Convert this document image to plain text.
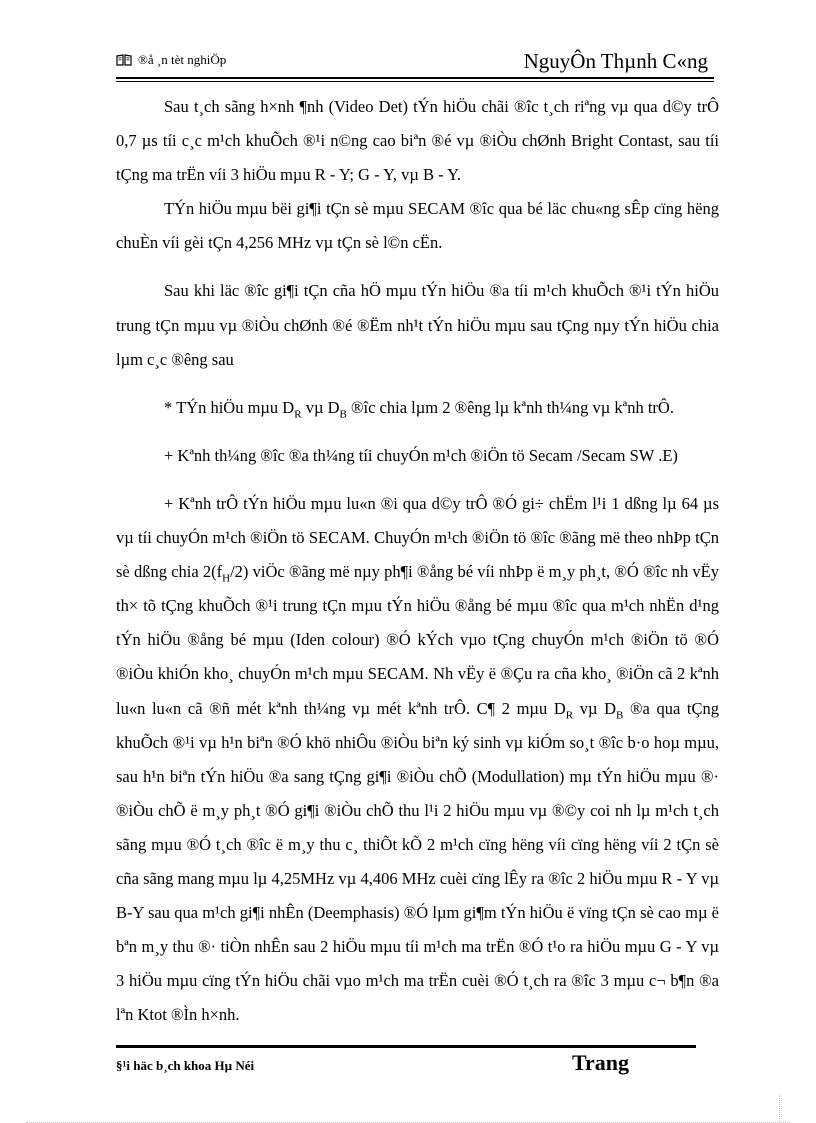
®å ¸n tèt nghiÖp	NguyÔn Thµnh C«ng

Sau t¸ch sãng h×nh ¶nh (Video Det) tÝn hiÖu chãi ®îc t¸ch riªng vµ qua d©y trÔ 0,7 µs tíi c¸c m¹ch khuÕch ®¹i n©ng cao biªn ®é vµ ®iÒu chØnh Bright Contast, sau tíi tÇng ma trËn víi 3 hiÖu mµu R - Y; G - Y, vµ B - Y.

TÝn hiÖu mµu bëi gi¶i tÇn sè mµu SECAM ®îc qua bé läc chu«ng sÊp cïng hëng chuÈn víi gèi tÇn 4,256 MHz vµ tÇn sè l©n cËn.

Sau khi läc ®îc gi¶i tÇn cña hÖ mµu tÝn hiÖu ®a tíi m¹ch khuÕch ®¹i tÝn hiÖu trung tÇn mµu vµ ®iÒu chØnh ®é ®Ëm nh¹t tÝn hiÖu mµu sau tÇng nµy tÝn hiÖu chia lµm c¸c ®êng sau

* TÝn hiÖu mµu $D_R$ vµ $D_B$ ®îc chia lµm 2 ®êng lµ kªnh th¼ng vµ kªnh trÔ.

+ Kªnh th¼ng ®îc ®a th¼ng tíi chuyÓn m¹ch ®iÖn tö Secam /Secam SW .E)

+ Kªnh trÔ tÝn hiÖu mµu lu«n ®i qua d©y trÔ ®Ó gi÷ chËm l¹i 1 dßng lµ 64 µs vµ tíi chuyÓn m¹ch ®iÖn tö SECAM. ChuyÓn m¹ch ®iÖn tö ®îc ®ãng më theo nhÞp tÇn sè dßng chia $2(f_H/2)$ viÖc ®ãng më nµy ph¶i ®ång bé víi nhÞp ë m¸y ph¸t, ®Ó ®îc nh vËy th× tõ tÇng khuÕch ®¹i trung tÇn mµu tÝn hiÖu ®ång bé mµu ®îc qua m¹ch nhËn d¹ng tÝn hiÖu ®ång bé mµu (Iden colour) ®Ó kÝch vµo tÇng chuyÓn m¹ch ®iÖn tö ®Ó ®iÒu khiÓn kho¸ chuyÓn m¹ch mµu SECAM. Nh vËy ë ®Çu ra cña kho¸ ®iÖn cã 2 kªnh lu«n lu«n cã ®ñ mét kªnh th¼ng vµ mét kªnh trÔ. C¶ 2 mµu $D_R$ vµ $D_B$ ®a qua tÇng khuÕch ®¹i vµ h¹n biªn ®Ó khö nhiÔu ®iÒu biªn ký sinh vµ kiÓm so¸t ®îc b·o hoµ mµu, sau h¹n biªn tÝn hiÖu ®a sang tÇng gi¶i ®iÒu chÕ (Modullation) mµ tÝn hiÖu mµu ®· ®iÒu chÕ ë m¸y ph¸t ®Ó gi¶i ®iÒu chÕ thu l¹i 2 hiÖu mµu vµ ®©y coi nh lµ m¹ch t¸ch sãng mµu ®Ó t¸ch ®îc ë m¸y thu c¸ thiÕt kÕ 2 m¹ch cïng hëng víi cïng hëng víi 2 tÇn sè cña sãng mang mµu lµ 4,25MHz vµ 4,406 MHz cuèi cïng lÊy ra ®îc 2 hiÖu mµu R - Y vµ B-Y sau qua m¹ch gi¶i nhÊn (Deemphasis) ®Ó lµm gi¶m tÝn hiÖu ë vïng tÇn sè cao mµ ë bªn m¸y thu ®· tiÒn nhÊn sau 2 hiÖu mµu tíi m¹ch ma trËn ®Ó t¹o ra hiÖu mµu G - Y vµ 3 hiÖu mµu cïng tÝn hiÖu chãi vµo m¹ch ma trËn cuèi ®Ó t¸ch ra ®îc 3 mµu c¬ b¶n ®a lªn Ktot ®Ìn h×nh.

§¹i häc b¸ch khoa Hµ Néi	Trang
